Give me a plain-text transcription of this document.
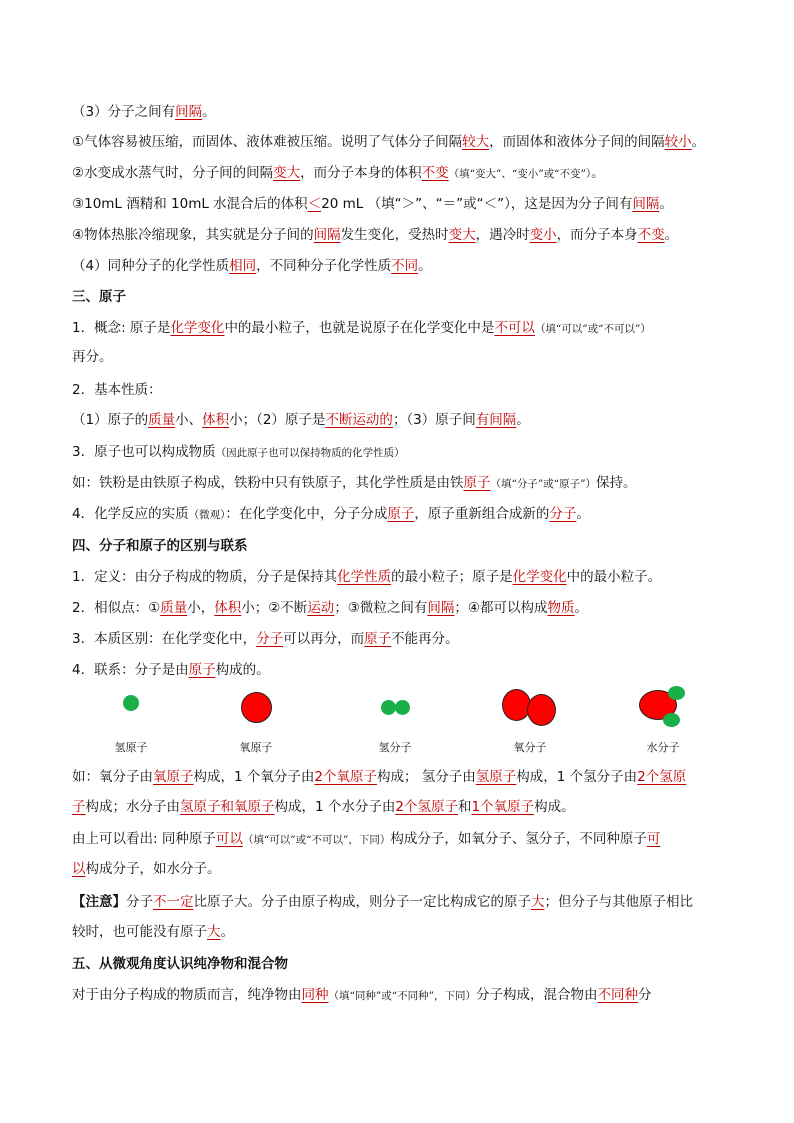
（3）分子之间有间隔。
①气体容易被压缩，而固体、液体难被压缩。说明了气体分子间隔较大，而固体和液体分子间的间隔较小。
②水变成水蒸气时，分子间的间隔变大，而分子本身的体积不变（填“变大”、“变小”或“不变”）。
③10mL 酒精和 10mL 水混合后的体积＜20 mL （填“＞”、“＝”或“＜”），这是因为分子间有间隔。
④物体热胀冷缩现象，其实就是分子间的间隔发生变化，受热时变大，遇冷时变小，而分子本身不变。
（4）同种分子的化学性质相同，不同种分子化学性质不同。
三、原子
1．概念: 原子是化学变化中的最小粒子，也就是说原子在化学变化中是不可以（填“可以”或“不可以”）
再分。
2．基本性质：
（1）原子的质量小、体积小；（2）原子是不断运动的；（3）原子间有间隔。
3．原子也可以构成物质（因此原子也可以保持物质的化学性质）
如：铁粉是由铁原子构成，铁粉中只有铁原子，其化学性质是由铁原子（填“分子”或“原子”）保持。
4．化学反应的实质（微观）：在化学变化中，分子分成原子，原子重新组合成新的分子。
四、分子和原子的区别与联系
1．定义：由分子构成的物质，分子是保持其化学性质的最小粒子；原子是化学变化中的最小粒子。
2．相似点：①质量小，体积小；②不断运动；③微粒之间有间隔；④都可以构成物质。
3．本质区别：在化学变化中，分子可以再分，而原子不能再分。
4．联系：分子是由原子构成的。
氢原子	氧原子	氢分子	氧分子	水分子
如：氧分子由氧原子构成，1 个氧分子由2个氧原子构成； 氢分子由氢原子构成，1 个氢分子由2个氢原
子构成；水分子由氢原子和氧原子构成，1 个水分子由2个氢原子和1个氧原子构成。
由上可以看出: 同种原子可以（填“可以”或“不可以”，下同）构成分子，如氧分子、氢分子，不同种原子可
以构成分子，如水分子。
【注意】分子不一定比原子大。分子由原子构成，则分子一定比构成它的原子大；但分子与其他原子相比
较时，也可能没有原子大。
五、从微观角度认识纯净物和混合物
对于由分子构成的物质而言，纯净物由同种（填“同种”或“不同种”，下同）分子构成，混合物由不同种分
